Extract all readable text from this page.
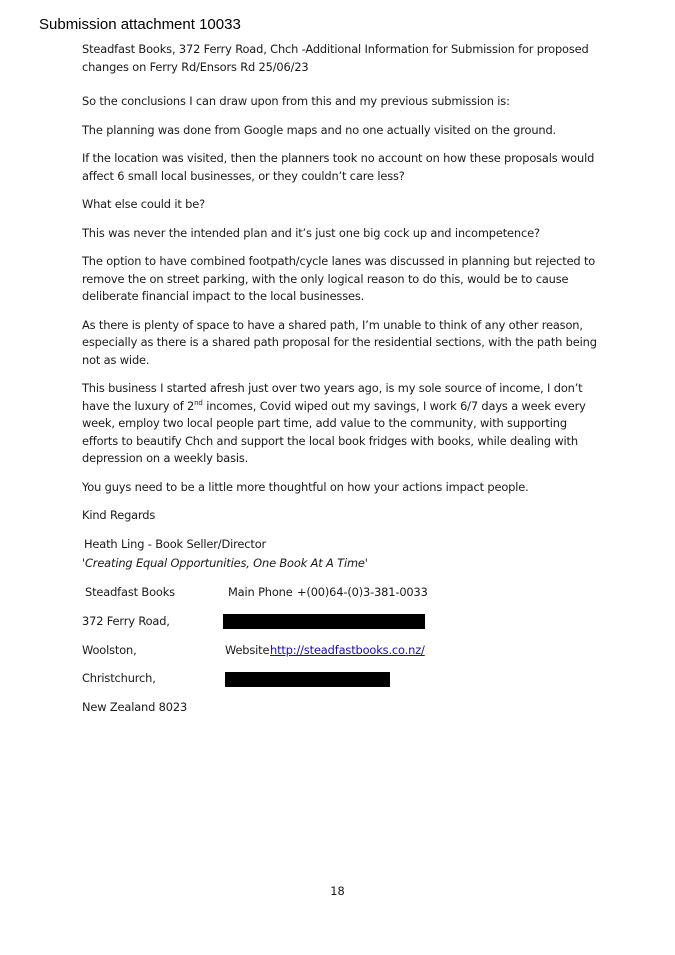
Submission attachment 10033

Steadfast Books, 372 Ferry Road, Chch -Additional Information for Submission for proposed changes on Ferry Rd/Ensors Rd 25/06/23

So the conclusions I can draw upon from this and my previous submission is:

The planning was done from Google maps and no one actually visited on the ground.

If the location was visited, then the planners took no account on how these proposals would affect 6 small local businesses, or they couldn’t care less?

What else could it be?

This was never the intended plan and it’s just one big cock up and incompetence?

The option to have combined footpath/cycle lanes was discussed in planning but rejected to remove the on street parking, with the only logical reason to do this, would be to cause deliberate financial impact to the local businesses.

As there is plenty of space to have a shared path, I’m unable to think of any other reason, especially as there is a shared path proposal for the residential sections, with the path being not as wide.

This business I started afresh just over two years ago, is my sole source of income, I don’t have the luxury of 2nd incomes, Covid wiped out my savings, I work 6/7 days a week every week, employ two local people part time, add value to the community, with supporting efforts to beautify Chch and support the local book fridges with books, while dealing with depression on a weekly basis.

You guys need to be a little more thoughtful on how your actions impact people.

Kind Regards

Heath Ling - Book Seller/Director

'Creating Equal Opportunities, One Book At A Time'
Steadfast Books	Main Phone +(00)64-(0)3-381-0033
372 Ferry Road,
Woolston,	Website http://steadfastbooks.co.nz/
Christchurch,
New Zealand 8023
18
